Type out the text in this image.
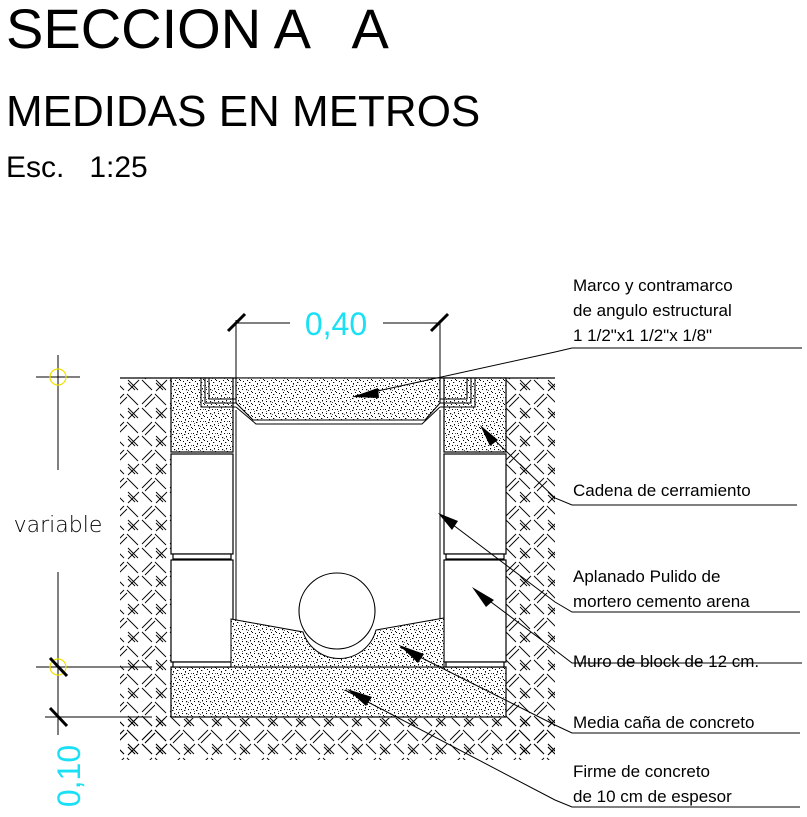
SECCION A   A
MEDIDAS EN METROS
Esc.   1:25
0,40
variable
0,10
Marco y contramarco
de angulo estructural
1 1/2"x1 1/2"x 1/8"
Cadena de cerramiento
Aplanado Pulido de
mortero cemento arena
Muro de block de 12 cm.
Media caña de concreto
Firme de concreto
de 10 cm de espesor
